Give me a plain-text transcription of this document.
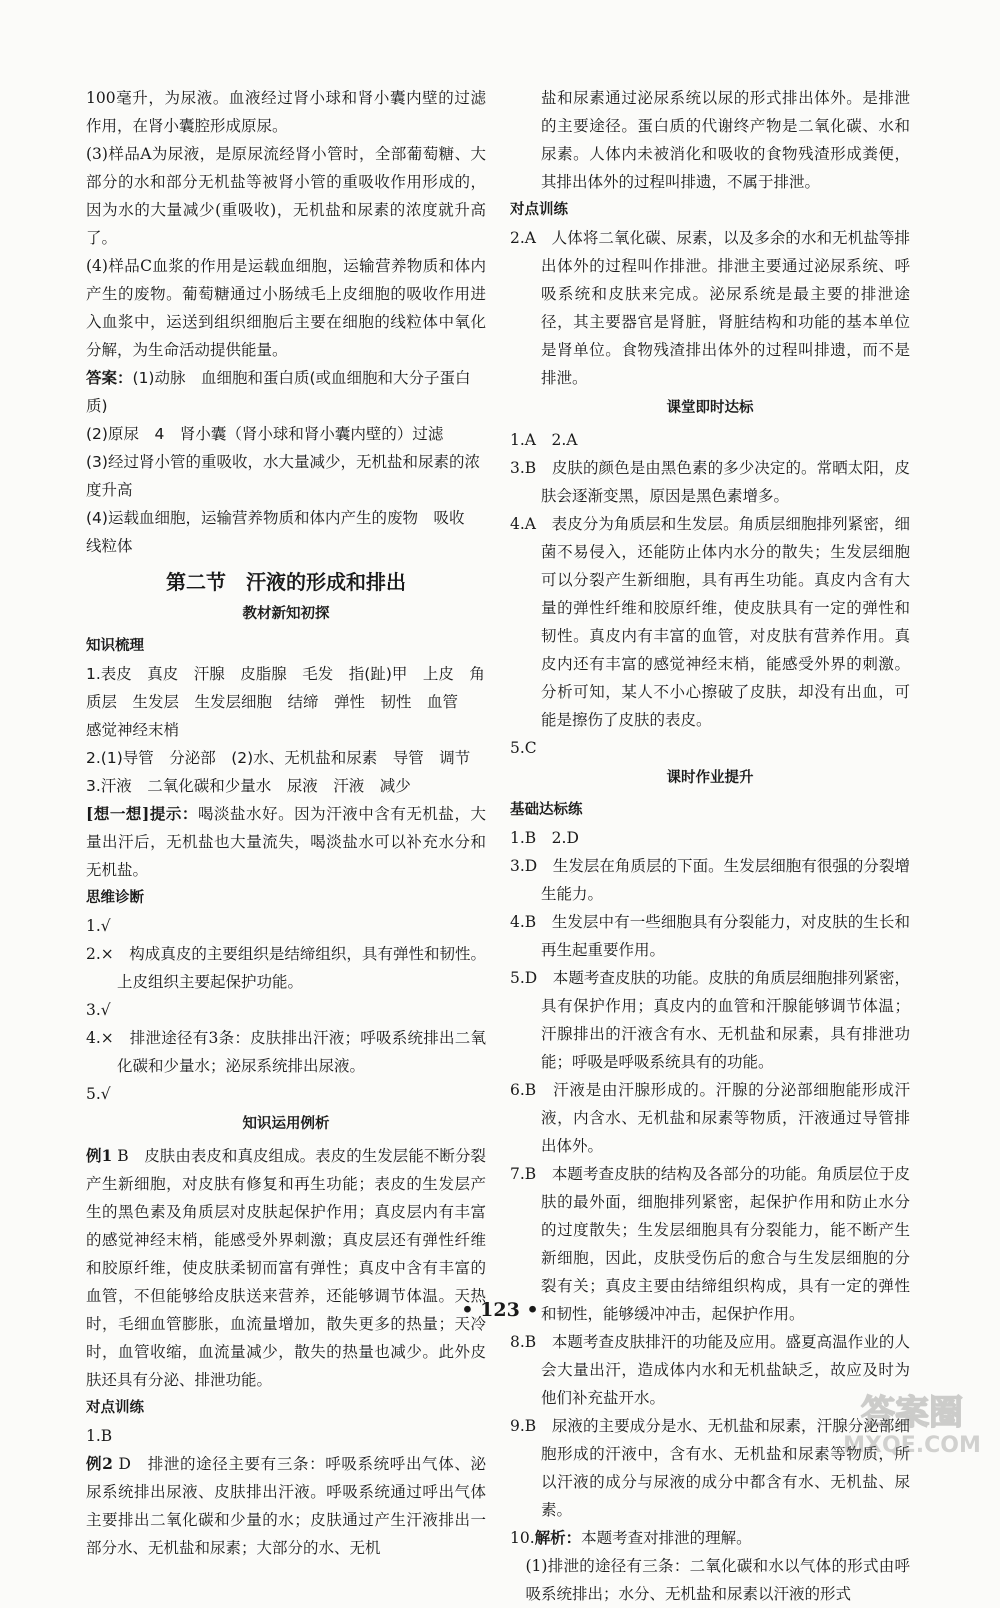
100毫升，为尿液。血液经过肾小球和肾小囊内壁的过滤作用，在肾小囊腔形成原尿。

(3)样品A为尿液，是原尿流经肾小管时，全部葡萄糖、大部分的水和部分无机盐等被肾小管的重吸收作用形成的，因为水的大量减少(重吸收)，无机盐和尿素的浓度就升高了。

(4)样品C血浆的作用是运载血细胞，运输营养物质和体内产生的废物。葡萄糖通过小肠绒毛上皮细胞的吸收作用进入血浆中，运送到组织细胞后主要在细胞的线粒体中氧化分解，为生命活动提供能量。

答案：(1)动脉　血细胞和蛋白质(或血细胞和大分子蛋白质)

(2)原尿　4　肾小囊（肾小球和肾小囊内壁的）过滤

(3)经过肾小管的重吸收，水大量减少，无机盐和尿素的浓度升高

(4)运载血细胞，运输营养物质和体内产生的废物　吸收　线粒体

第二节　汗液的形成和排出
教材新知初探
知识梳理

1.表皮　真皮　汗腺　皮脂腺　毛发　指(趾)甲　上皮　角质层　生发层　生发层细胞　结缔　弹性　韧性　血管　感觉神经末梢

2.(1)导管　分泌部　(2)水、无机盐和尿素　导管　调节

3.汗液　二氧化碳和少量水　尿液　汗液　减少

[想一想]提示：喝淡盐水好。因为汗液中含有无机盐，大量出汗后，无机盐也大量流失，喝淡盐水可以补充水分和无机盐。

思维诊断

1.√

2.×　构成真皮的主要组织是结缔组织，具有弹性和韧性。上皮组织主要起保护功能。

3.√

4.×　排泄途径有3条：皮肤排出汗液；呼吸系统排出二氧化碳和少量水；泌尿系统排出尿液。

5.√

知识运用例析

例1 B　皮肤由表皮和真皮组成。表皮的生发层能不断分裂产生新细胞，对皮肤有修复和再生功能；表皮的生发层产生的黑色素及角质层对皮肤起保护作用；真皮层内有丰富的感觉神经末梢，能感受外界刺激；真皮层还有弹性纤维和胶原纤维，使皮肤柔韧而富有弹性；真皮中含有丰富的血管，不但能够给皮肤送来营养，还能够调节体温。天热时，毛细血管膨胀，血流量增加，散失更多的热量；天冷时，血管收缩，血流量减少，散失的热量也减少。此外皮肤还具有分泌、排泄功能。

对点训练

1.B

例2 D　排泄的途径主要有三条：呼吸系统呼出气体、泌尿系统排出尿液、皮肤排出汗液。呼吸系统通过呼出气体主要排出二氧化碳和少量的水；皮肤通过产生汗液排出一部分水、无机盐和尿素；大部分的水、无机

盐和尿素通过泌尿系统以尿的形式排出体外。是排泄的主要途径。蛋白质的代谢终产物是二氧化碳、水和尿素。人体内未被消化和吸收的食物残渣形成粪便，其排出体外的过程叫排遗，不属于排泄。

对点训练

2.A　人体将二氧化碳、尿素，以及多余的水和无机盐等排出体外的过程叫作排泄。排泄主要通过泌尿系统、呼吸系统和皮肤来完成。泌尿系统是最主要的排泄途径，其主要器官是肾脏，肾脏结构和功能的基本单位是肾单位。食物残渣排出体外的过程叫排遗，而不是排泄。

课堂即时达标

1.A　2.A

3.B　皮肤的颜色是由黑色素的多少决定的。常晒太阳，皮肤会逐渐变黑，原因是黑色素增多。

4.A　表皮分为角质层和生发层。角质层细胞排列紧密，细菌不易侵入，还能防止体内水分的散失；生发层细胞可以分裂产生新细胞，具有再生功能。真皮内含有大量的弹性纤维和胶原纤维，使皮肤具有一定的弹性和韧性。真皮内有丰富的血管，对皮肤有营养作用。真皮内还有丰富的感觉神经末梢，能感受外界的刺激。分析可知，某人不小心擦破了皮肤，却没有出血，可能是擦伤了皮肤的表皮。

5.C

课时作业提升
基础达标练

1.B　2.D

3.D　生发层在角质层的下面。生发层细胞有很强的分裂增生能力。

4.B　生发层中有一些细胞具有分裂能力，对皮肤的生长和再生起重要作用。

5.D　本题考查皮肤的功能。皮肤的角质层细胞排列紧密，具有保护作用；真皮内的血管和汗腺能够调节体温；汗腺排出的汗液含有水、无机盐和尿素，具有排泄功能；呼吸是呼吸系统具有的功能。

6.B　汗液是由汗腺形成的。汗腺的分泌部细胞能形成汗液，内含水、无机盐和尿素等物质，汗液通过导管排出体外。

7.B　本题考查皮肤的结构及各部分的功能。角质层位于皮肤的最外面，细胞排列紧密，起保护作用和防止水分的过度散失；生发层细胞具有分裂能力，能不断产生新细胞，因此，皮肤受伤后的愈合与生发层细胞的分裂有关；真皮主要由结缔组织构成，具有一定的弹性和韧性，能够缓冲冲击，起保护作用。

8.B　本题考查皮肤排汗的功能及应用。盛夏高温作业的人会大量出汗，造成体内水和无机盐缺乏，故应及时为他们补充盐开水。

9.B　尿液的主要成分是水、无机盐和尿素，汗腺分泌部细胞形成的汗液中，含有水、无机盐和尿素等物质，所以汗液的成分与尿液的成分中都含有水、无机盐、尿素。

10.解析：本题考查对排泄的理解。

(1)排泄的途径有三条：二氧化碳和水以气体的形式由呼吸系统排出；水分、无机盐和尿素以汗液的形式

• 123 •
答案圈
MXQE.COM
